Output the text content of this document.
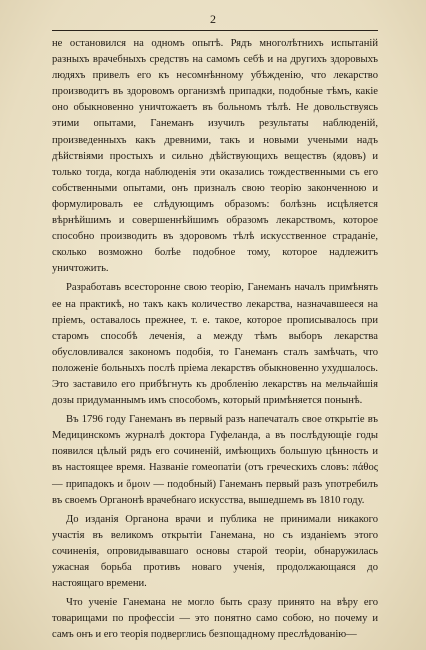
2

не остановился на одномъ опытѣ. Рядъ многолѣтнихъ испытаній разныхъ врачебныхъ средствъ на самомъ себѣ и на другихъ здоровыхъ людяхъ привелъ его къ несомнѣнному убѣжденію, что лекарство производитъ въ здоровомъ организмѣ припадки, подобные тѣмъ, какіе оно обыкновенно уничтожаетъ въ больномъ тѣлѣ. Не довольствуясь этими опытами, Ганеманъ изучилъ результаты наблюденій, произведенныхъ какъ древними, такъ и новыми учеными надъ дѣйствіями простыхъ и сильно дѣйствующихъ веществъ (ядовъ) и только тогда, когда наблюденія эти оказались тождественными съ его собственными опытами, онъ призналъ свою теорію законченною и формулировалъ ее слѣдующимъ образомъ: болѣзнь исцѣляется вѣрнѣйшимъ и совершеннѣйшимъ образомъ лекарствомъ, которое способно производить въ здоровомъ тѣлѣ искусственное страданіе, сколько возможно болѣе подобное тому, которое надлежитъ уничтожить.

Разработавъ всесторонне свою теорію, Ганеманъ началъ примѣнять ее на практикѣ, но такъ какъ количество лекарства, назначавшееся на пріемъ, оставалось прежнее, т. е. такое, которое прописывалось при старомъ способѣ леченія, а между тѣмъ выборъ лекарства обусловливался закономъ подобія, то Ганеманъ сталъ замѣчать, что положеніе больныхъ послѣ пріема лекарствъ обыкновенно ухудшалось. Это заставило его прибѣгнуть къ дробленію лекарствъ на мельчайшія дозы придуманнымъ имъ способомъ, который примѣняется понынѣ.

Въ 1796 году Ганеманъ въ первый разъ напечаталъ свое открытіе въ Медицинскомъ журналѣ доктора Гуфеланда, а въ послѣдующіе годы появился цѣлый рядъ его сочиненій, имѣющихъ большую цѣнность и въ настоящее время. Названіе гомеопатіи (отъ греческихъ словъ: πάθος — припадокъ и ὅμοιν — подобный) Ганеманъ первый разъ употребилъ въ своемъ Органонѣ врачебнаго искусства, вышедшемъ въ 1810 году.

До изданія Органона врачи и публика не принимали никакого участія въ великомъ открытіи Ганемана, но съ изданіемъ этого сочиненія, опровидывавшаго основы старой теоріи, обнаружилась ужасная борьба противъ новаго ученія, продолжающаяся до настоящаго времени.

Что ученіе Ганемана не могло быть сразу принято на вѣру его товарищами по профессіи — это понятно само собою, но почему и самъ онъ и его теорія подверглись безпощадному преслѣдованію—
